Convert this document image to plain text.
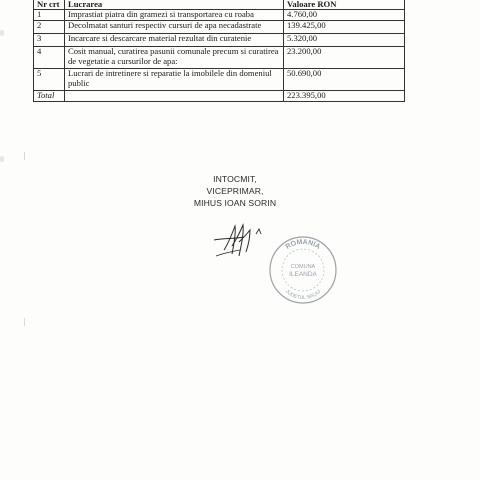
Nr crt	Lucrarea	Valoare RON
1	Imprastiat piatra din gramezi si transportarea cu roaba	4.760,00
2	Decolmatat santuri respectiv cursuri de apa necadastrate	139.425,00
3	Incarcare si descarcare material rezultat din curatenie	5.320,00
4	Cosit manual, curatirea pasunii comunale precum si curatirea de vegetatie a cursurilor de apa:	23.200,00
5	Lucrari de intretinere si reparatie la imobilele din domeniul public	50.690,00
Total		223.395,00
INTOCMIT,
VICEPRIMAR,
MIHUS IOAN SORIN
ROMANIA
JUDETUL SALAJ
COMUNA
ILEANDA
